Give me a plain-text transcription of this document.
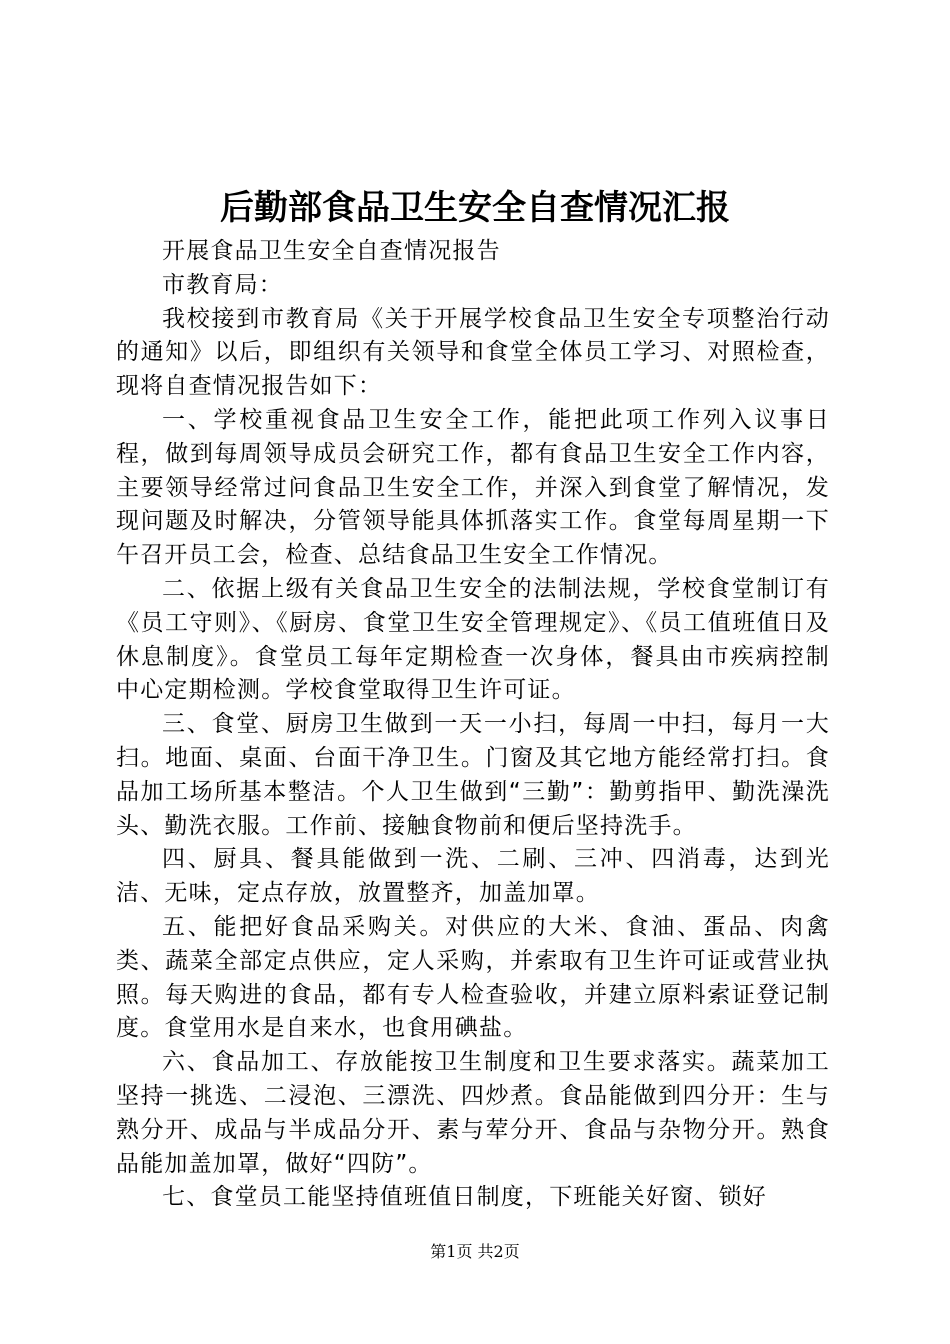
后勤部食品卫生安全自查情况汇报

开展食品卫生安全自查情况报告

市教育局：

我校接到市教育局《关于开展学校食品卫生安全专项整治行动的通知》以后，即组织有关领导和食堂全体员工学习、对照检查，现将自查情况报告如下：

一、学校重视食品卫生安全工作，能把此项工作列入议事日程，做到每周领导成员会研究工作，都有食品卫生安全工作内容，主要领导经常过问食品卫生安全工作，并深入到食堂了解情况，发现问题及时解决，分管领导能具体抓落实工作。食堂每周星期一下午召开员工会，检查、总结食品卫生安全工作情况。

二、依据上级有关食品卫生安全的法制法规，学校食堂制订有《员工守则》、《厨房、食堂卫生安全管理规定》、《员工值班值日及休息制度》。食堂员工每年定期检查一次身体，餐具由市疾病控制中心定期检测。学校食堂取得卫生许可证。

三、食堂、厨房卫生做到一天一小扫，每周一中扫，每月一大扫。地面、桌面、台面干净卫生。门窗及其它地方能经常打扫。食品加工场所基本整洁。个人卫生做到“三勤”：勤剪指甲、勤洗澡洗头、勤洗衣服。工作前、接触食物前和便后坚持洗手。

四、厨具、餐具能做到一洗、二刷、三冲、四消毒，达到光洁、无味，定点存放，放置整齐，加盖加罩。

五、能把好食品采购关。对供应的大米、食油、蛋品、肉禽类、蔬菜全部定点供应，定人采购，并索取有卫生许可证或营业执照。每天购进的食品，都有专人检查验收，并建立原料索证登记制度。食堂用水是自来水，也食用碘盐。

六、食品加工、存放能按卫生制度和卫生要求落实。蔬菜加工坚持一挑选、二浸泡、三漂洗、四炒煮。食品能做到四分开：生与熟分开、成品与半成品分开、素与荤分开、食品与杂物分开。熟食品能加盖加罩，做好“四防”。

七、食堂员工能坚持值班值日制度，下班能关好窗、锁好

第1页 共2页
